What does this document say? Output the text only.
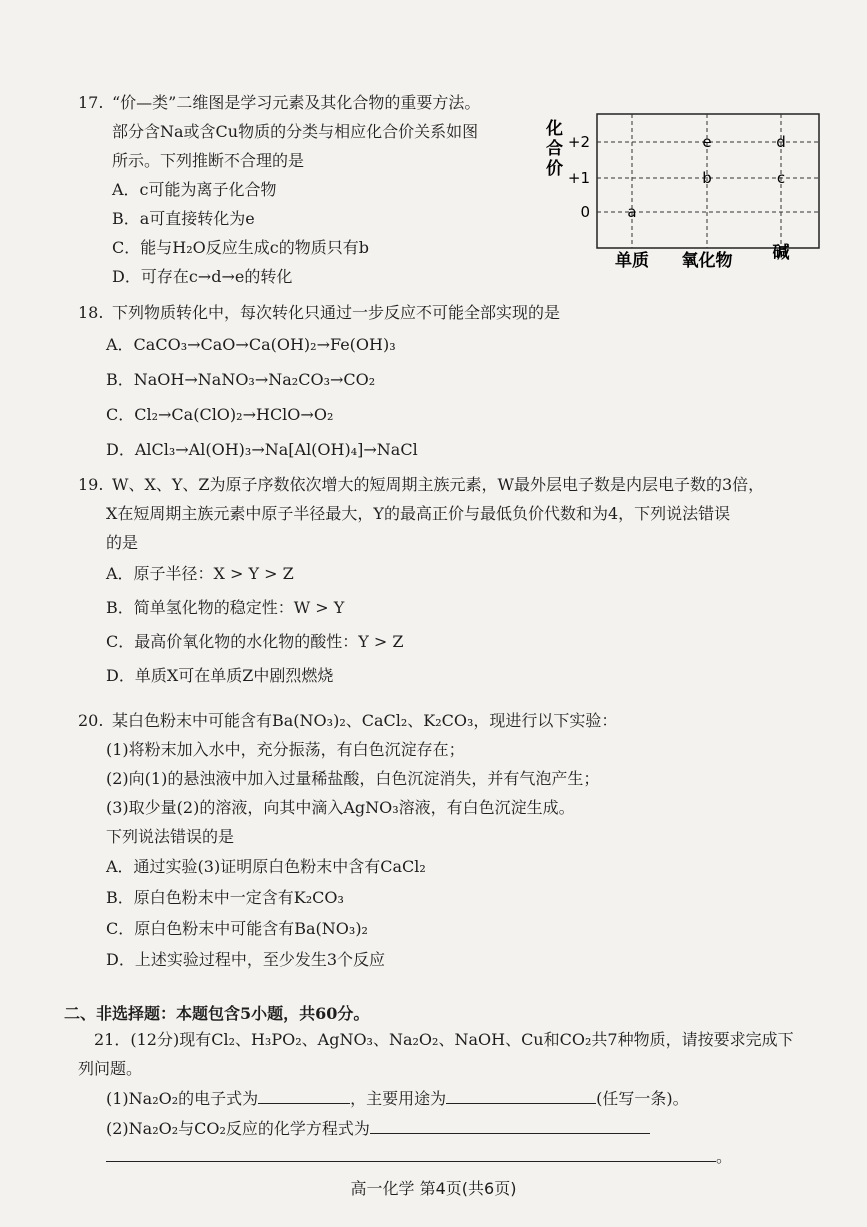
17. “价—类”二维图是学习元素及其化合物的重要方法。
部分含Na或含Cu物质的分类与相应化合价关系如图
所示。下列推断不合理的是
A．c可能为离子化合物
B．a可直接转化为e
C．能与H₂O反应生成c的物质只有b
D．可存在c→d→e的转化
化
合
价
化合价
+2
+1
0
单质 氧化物 碱
a
b
e
c
d
18. 下列物质转化中，每次转化只通过一步反应不可能全部实现的是
A．CaCO₃→CaO→Ca(OH)₂→Fe(OH)₃
B．NaOH→NaNO₃→Na₂CO₃→CO₂
C．Cl₂→Ca(ClO)₂→HClO→O₂
D．AlCl₃→Al(OH)₃→Na[Al(OH)₄]→NaCl
19. W、X、Y、Z为原子序数依次增大的短周期主族元素，W最外层电子数是内层电子数的3倍，
X在短周期主族元素中原子半径最大，Y的最高正价与最低负价代数和为4，下列说法错误
的是
A．原子半径：X > Y > Z
B．简单氢化物的稳定性：W > Y
C．最高价氧化物的水化物的酸性：Y > Z
D．单质X可在单质Z中剧烈燃烧
20. 某白色粉末中可能含有Ba(NO₃)₂、CaCl₂、K₂CO₃，现进行以下实验：
(1)将粉末加入水中，充分振荡，有白色沉淀存在；
(2)向(1)的悬浊液中加入过量稀盐酸，白色沉淀消失，并有气泡产生；
(3)取少量(2)的溶液，向其中滴入AgNO₃溶液，有白色沉淀生成。
下列说法错误的是
A．通过实验(3)证明原白色粉末中含有CaCl₂
B．原白色粉末中一定含有K₂CO₃
C．原白色粉末中可能含有Ba(NO₃)₂
D．上述实验过程中，至少发生3个反应
二、非选择题：本题包含5小题，共60分。
21．(12分)现有Cl₂、H₃PO₂、AgNO₃、Na₂O₂、NaOH、Cu和CO₂共7种物质，请按要求完成下
列问题。
(1)Na₂O₂的电子式为	，主要用途为	(任写一条)。
(2)Na₂O₂与CO₂反应的化学方程式为
。
高一化学 第4页(共6页)
